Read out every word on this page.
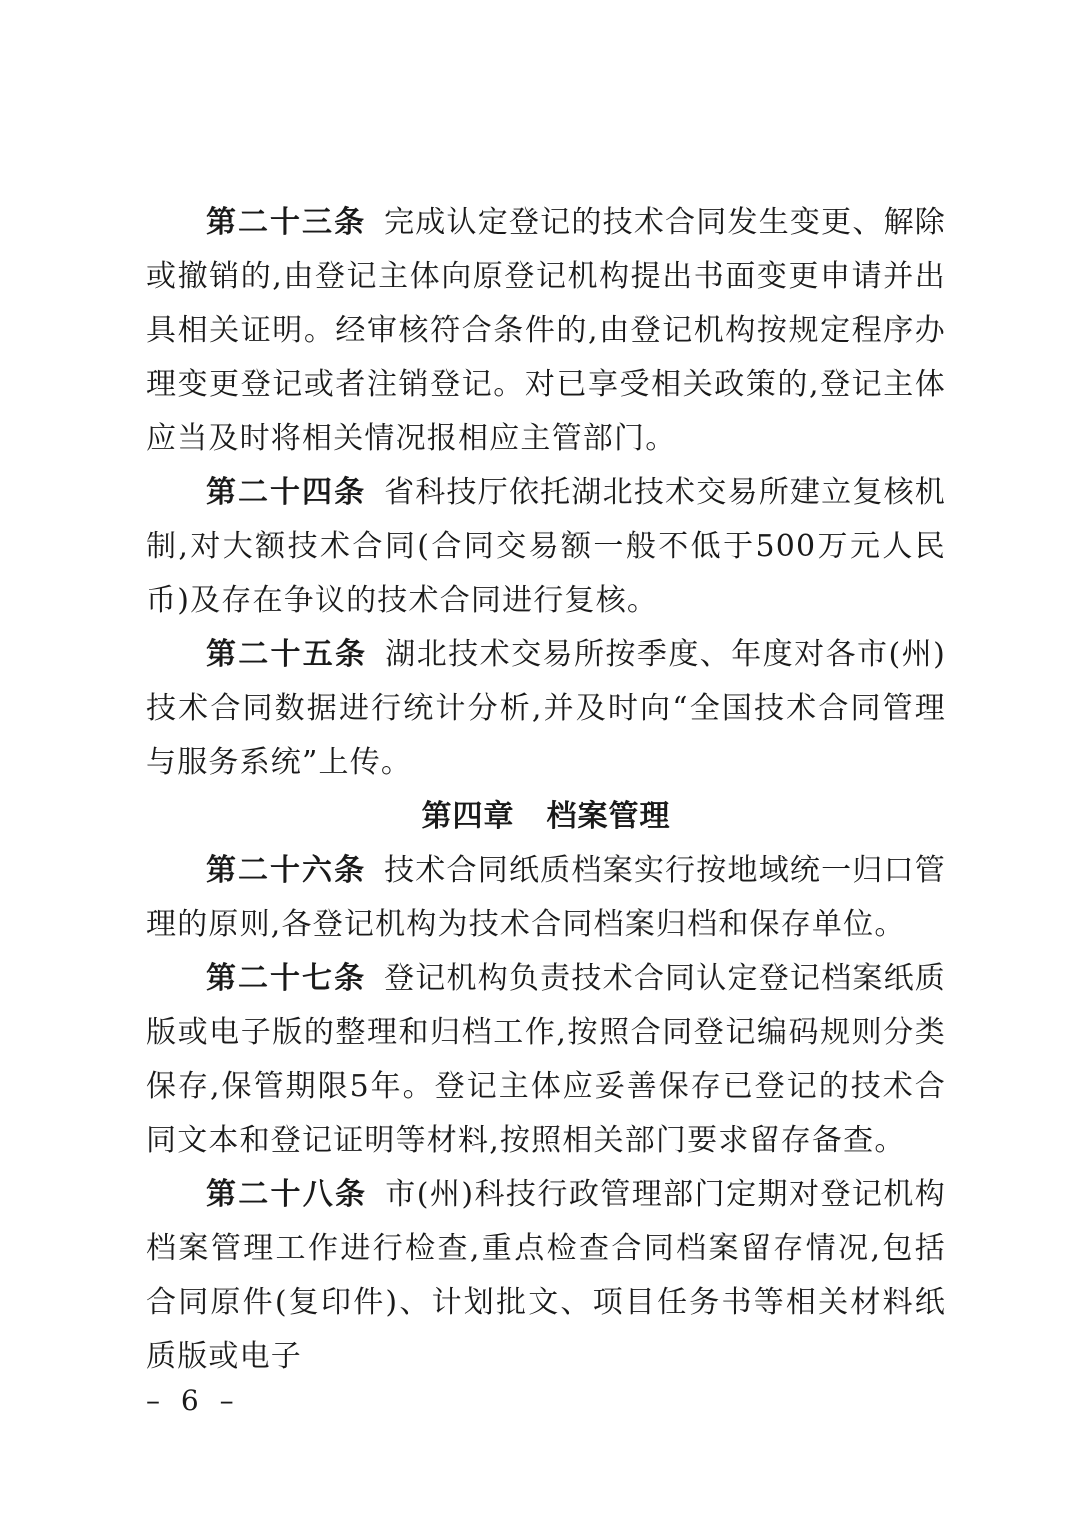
第二十三条 完成认定登记的技术合同发生变更、解除或撤销的,由登记主体向原登记机构提出书面变更申请并出具相关证明。经审核符合条件的,由登记机构按规定程序办理变更登记或者注销登记。对已享受相关政策的,登记主体应当及时将相关情况报相应主管部门。

第二十四条 省科技厅依托湖北技术交易所建立复核机制,对大额技术合同(合同交易额一般不低于500万元人民币)及存在争议的技术合同进行复核。

第二十五条 湖北技术交易所按季度、年度对各市(州)技术合同数据进行统计分析,并及时向“全国技术合同管理与服务系统”上传。

第四章 档案管理

第二十六条 技术合同纸质档案实行按地域统一归口管理的原则,各登记机构为技术合同档案归档和保存单位。

第二十七条 登记机构负责技术合同认定登记档案纸质版或电子版的整理和归档工作,按照合同登记编码规则分类保存,保管期限5年。登记主体应妥善保存已登记的技术合同文本和登记证明等材料,按照相关部门要求留存备查。

第二十八条 市(州)科技行政管理部门定期对登记机构档案管理工作进行检查,重点检查合同档案留存情况,包括合同原件(复印件)、计划批文、项目任务书等相关材料纸质版或电子

– 6 –
